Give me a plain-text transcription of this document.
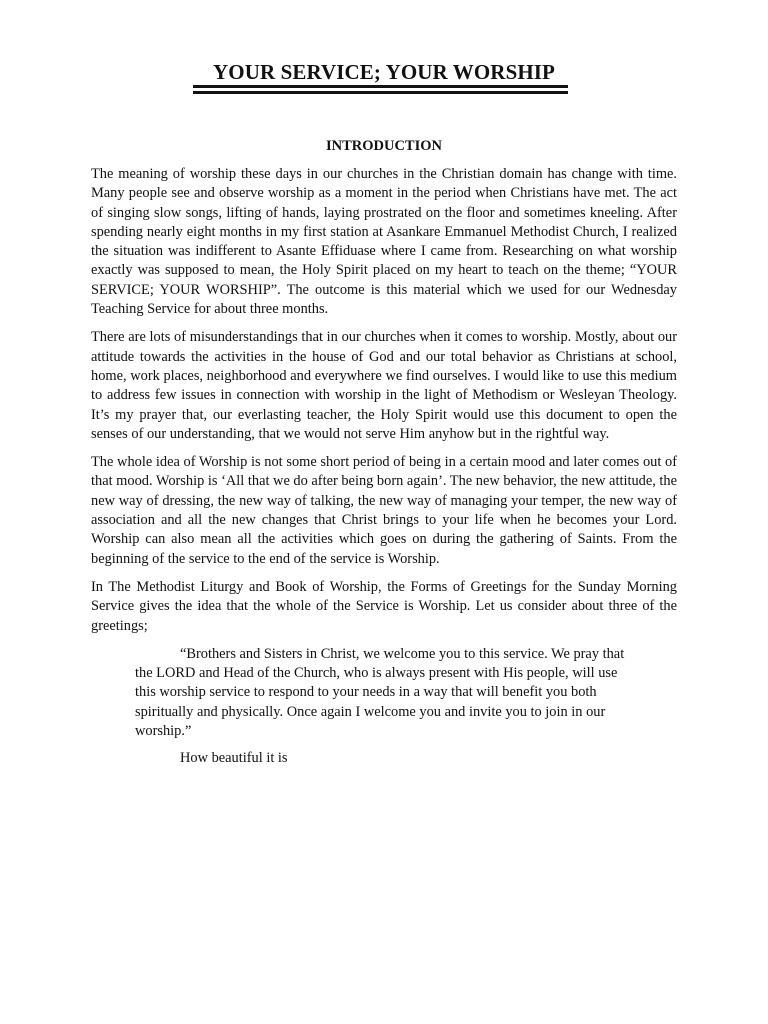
YOUR SERVICE; YOUR WORSHIP
INTRODUCTION

The meaning of worship these days in our churches in the Christian domain has change with time. Many people see and observe worship as a moment in the period when Christians have met. The act of singing slow songs, lifting of hands, laying prostrated on the floor and sometimes kneeling. After spending nearly eight months in my first station at Asankare Emmanuel Methodist Church, I realized the situation was indifferent to Asante Effiduase where I came from. Researching on what worship exactly was supposed to mean, the Holy Spirit placed on my heart to teach on the theme; “YOUR SERVICE; YOUR WORSHIP”. The outcome is this material which we used for our Wednesday Teaching Service for about three months.

There are lots of misunderstandings that in our churches when it comes to worship. Mostly, about our attitude towards the activities in the house of God and our total behavior as Christians at school, home, work places, neighborhood and everywhere we find ourselves. I would like to use this medium to address few issues in connection with worship in the light of Methodism or Wesleyan Theology. It’s my prayer that, our everlasting teacher, the Holy Spirit would use this document to open the senses of our understanding, that we would not serve Him anyhow but in the rightful way.

The whole idea of Worship is not some short period of being in a certain mood and later comes out of that mood. Worship is ‘All that we do after being born again’. The new behavior, the new attitude, the new way of dressing, the new way of talking, the new way of managing your temper, the new way of association and all the new changes that Christ brings to your life when he becomes your Lord. Worship can also mean all the activities which goes on during the gathering of Saints. From the beginning of the service to the end of the service is Worship.

In The Methodist Liturgy and Book of Worship, the Forms of Greetings for the Sunday Morning Service gives the idea that the whole of the Service is Worship. Let us consider about three of the greetings;

“Brothers and Sisters in Christ, we welcome you to this service. We pray that the LORD and Head of the Church, who is always present with His people, will use this worship service to respond to your needs in a way that will benefit you both spiritually and physically. Once again I welcome you and invite you to join in our worship.”

How beautiful it is
